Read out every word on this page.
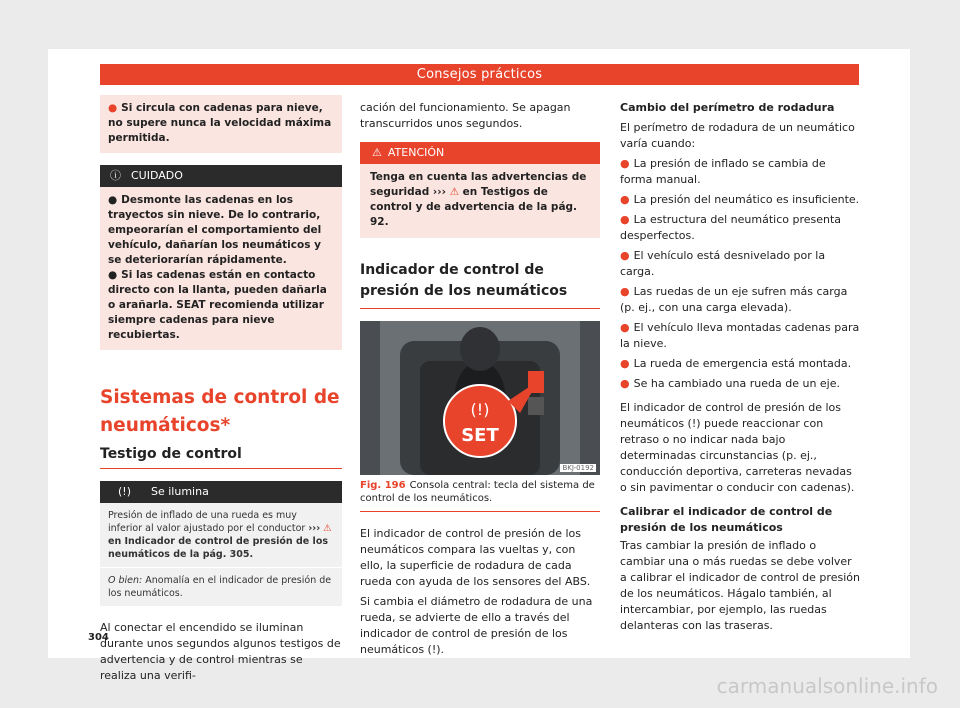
Consejos prácticos
● Si circula con cadenas para nieve, no supere nunca la velocidad máxima permitida.
ⓘ CUIDADO

● Desmonte las cadenas en los trayectos sin nieve. De lo contrario, empeorarían el comportamiento del vehículo, dañarían los neumáticos y se deteriorarían rápidamente.

● Si las cadenas están en contacto directo con la llanta, pueden dañarla o arañarla. SEAT recomienda utilizar siempre cadenas para nieve recubiertas.

Sistemas de control de neumáticos*
Testigo de control
(!) Se ilumina
Presión de inflado de una rueda es muy inferior al valor ajustado por el conductor ››› ⚠ en Indicador de control de presión de los neumáticos de la pág. 305.
O bien: Anomalía en el indicador de presión de los neumáticos.

Al conectar el encendido se iluminan durante unos segundos algunos testigos de advertencia y de control mientras se realiza una verifi-

cación del funcionamiento. Se apagan transcurridos unos segundos.

⚠ ATENCIÓN
Tenga en cuenta las advertencias de seguridad ››› ⚠ en Testigos de control y de advertencia de la pág. 92.
Indicador de control de presión de los neumáticos
(!)
SET
BKJ-0192
Fig. 196 Consola central: tecla del sistema de control de los neumáticos.

El indicador de control de presión de los neumáticos compara las vueltas y, con ello, la superficie de rodadura de cada rueda con ayuda de los sensores del ABS.

Si cambia el diámetro de rodadura de una rueda, se advierte de ello a través del indicador de control de presión de los neumáticos (!).

Cambio del perímetro de rodadura

El perímetro de rodadura de un neumático varía cuando:

● La presión de inflado se cambia de forma manual.
● La presión del neumático es insuficiente.
● La estructura del neumático presenta desperfectos.
● El vehículo está desnivelado por la carga.
● Las ruedas de un eje sufren más carga (p. ej., con una carga elevada).
● El vehículo lleva montadas cadenas para la nieve.
● La rueda de emergencia está montada.
● Se ha cambiado una rueda de un eje.

El indicador de control de presión de los neumáticos (!) puede reaccionar con retraso o no indicar nada bajo determinadas circunstancias (p. ej., conducción deportiva, carreteras nevadas o sin pavimentar o conducir con cadenas).

Calibrar el indicador de control de presión de los neumáticos

Tras cambiar la presión de inflado o cambiar una o más ruedas se debe volver a calibrar el indicador de control de presión de los neumáticos. Hágalo también, al intercambiar, por ejemplo, las ruedas delanteras con las traseras.

304
carmanualsonline.info
